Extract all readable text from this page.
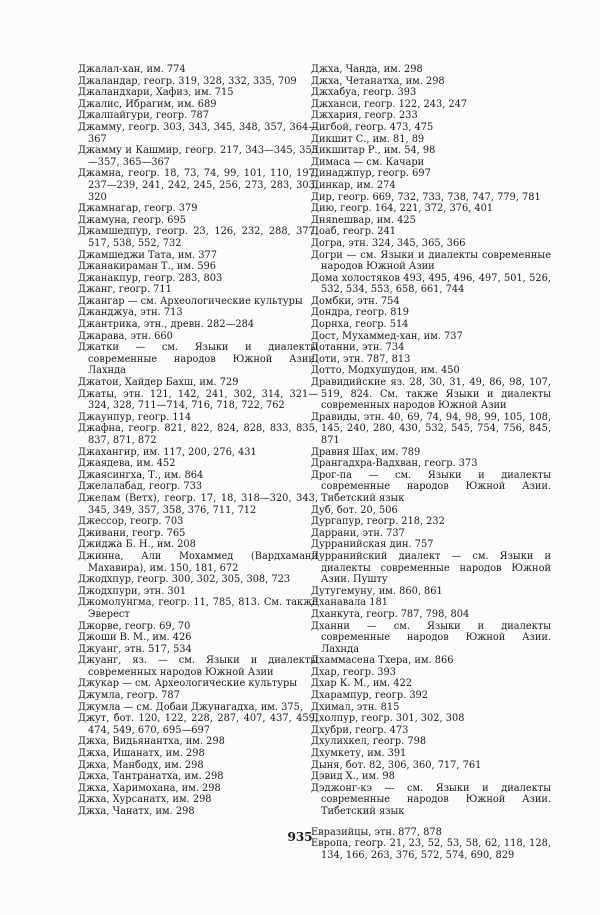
Джалал-хан, им. 774

Джаландар, геогр. 319, 328, 332, 335, 709

Джаландхари, Хафиз, им. 715

Джалис, Ибрагим, им. 689

Джалпайгури, геогр. 787

Джамму, геогр. 303, 343, 345, 348, 357, 364—367

Джамму и Кашмир, геогр. 217, 343—345, 355—357, 365—367

Джамна, геогр. 18, 73, 74, 99, 101, 110, 197, 237—239, 241, 242, 245, 256, 273, 283, 303, 320

Джамнагар, геогр. 379

Джамуна, геогр. 695

Джамшедпур, геогр. 23, 126, 232, 288, 377, 517, 538, 552, 732

Джамшеджи Тата, им. 377

Джанакираман Т., им. 596

Джанакпур, геогр. 283, 803

Джанг, геогр. 711

Джангар — см. Археологические культуры

Джанджуа, этн. 713

Джантрика, этн., древн. 282—284

Джарава, этн. 660

Джатки — см. Языки и диалекты современные народов Южной Азии. Лахнда

Джатои, Хайдер Бахш, им. 729

Джаты, этн. 121, 142, 241, 302, 314, 321—324, 328, 711—714, 716, 718, 722, 762

Джаунпур, геогр. 114

Джафна, геогр. 821, 822, 824, 828, 833, 835, 837, 871, 872

Джахангир, им. 117, 200, 276, 431

Джаядева, им. 452

Джаясингха, Т., им. 864

Джелалабад, геогр. 733

Джелам (Ветх), геогр. 17, 18, 318—320, 343, 345, 349, 357, 358, 376, 711, 712

Джессор, геогр. 703

Дживани, геогр. 765

Джиджа Б. Н., им. 208

Джинна, Али Мохаммед (Вардхамани Махавира), им. 150, 181, 672

Джодхпур, геогр. 300, 302, 305, 308, 723

Джодхпури, этн. 301

Джомолунгма, геогр. 11, 785, 813. См. также Эверест

Джорве, геогр. 69, 70

Джоши В. М., им. 426

Джуанг, этн. 517, 534

Джуанг, яз. — см. Языки и диалекты современных народов Южной Азии

Джукар — см. Археологические культуры

Джумла, геогр. 787

Джумла — см. Добаи Джунагадха, им. 375,

Джут, бот. 120, 122, 228, 287, 407, 437, 459, 474, 549, 670, 695—697

Джха, Видьянантха, им. 298

Джха, Ишанатх, им. 298

Джха, Манбодх, им. 298

Джха, Тантранатха, им. 298

Джха, Харимохана, им. 298

Джха, Хурсанатх, им. 298

Джха, Чанатх, им. 298

Джха, Чанда, им. 298

Джха, Четанатха, им. 298

Джхабуа, геогр. 393

Джханси, геогр. 122, 243, 247

Джхария, геогр. 233

Дигбой, геогр. 473, 475

Дикшит С., им. 81, 89

Дикшитар Р., им. 54, 98

Димаса — см. Качари

Динаджпур, геогр. 697

Динкар, им. 274

Дир, геогр. 669, 732, 733, 738, 747, 779, 781

Дию, геогр. 164, 221, 372, 376, 401

Дняneшвар, им. 425

Доаб, геогр. 241

Догра, этн. 324, 345, 365, 366

Догри — см. Языки и диалекты современные народов Южной Азии

Дома холостяков 493, 495, 496, 497, 501, 526, 532, 534, 553, 658, 661, 744

Домбки, этн. 754

Дондра, геогр. 819

Дорнха, геогр. 514

Дост, Мухаммед-хан, им. 737

Дотанни, этн. 734

Доти, этн. 787, 813

Дотто, Модхушудон, им. 450

Дравидийские яз. 28, 30, 31, 49, 86, 98, 107, 519, 824. См. также Языки и диалекты современных народов Южной Азии

Дравиды, этн. 40, 69, 74, 94, 98, 99, 105, 108, 145, 240, 280, 430, 532, 545, 754, 756, 845, 871

Дравия Шах, им. 789

Дрангадхра-Вадхван, геогр. 373

Дрог-па — см. Языки и диалекты современные народов Южной Азии. Тибетский язык

Дуб, бот. 20, 506

Дургапур, геогр. 218, 232

Даррани, этн. 737

Дурранийская дин. 757

Дурранийский диалект — см. Языки и диалекты современные народов Южной Азии. Пушту

Дутугемуну, им. 860, 861

Дханавала 181

Дханкута, геогр. 787, 798, 804

Дханни — см. Языки и диалекты современные народов Южной Азии. Лахнда

Дхаммасена Тхера, им. 866

Дхар, геогр. 393

Дхар К. М., им. 422

Дхарампур, геогр. 392

Дхимал, этн. 815

Дхолпур, геогр. 301, 302, 308

Дхубри, геогр. 473

Дхулихкел, геогр. 798

Дхумкету, им. 391

Дыня, бот. 82, 306, 360, 717, 761

Дэвид Х., им. 98

Дэджонг-кэ — см. Языки и диалекты современные народов Южной Азии. Тибетский язык

Евразийцы, этн. 877, 878

Европа, геогр. 21, 23, 52, 53, 58, 62, 118, 128, 134, 166, 263, 376, 572, 574, 690, 829

935
